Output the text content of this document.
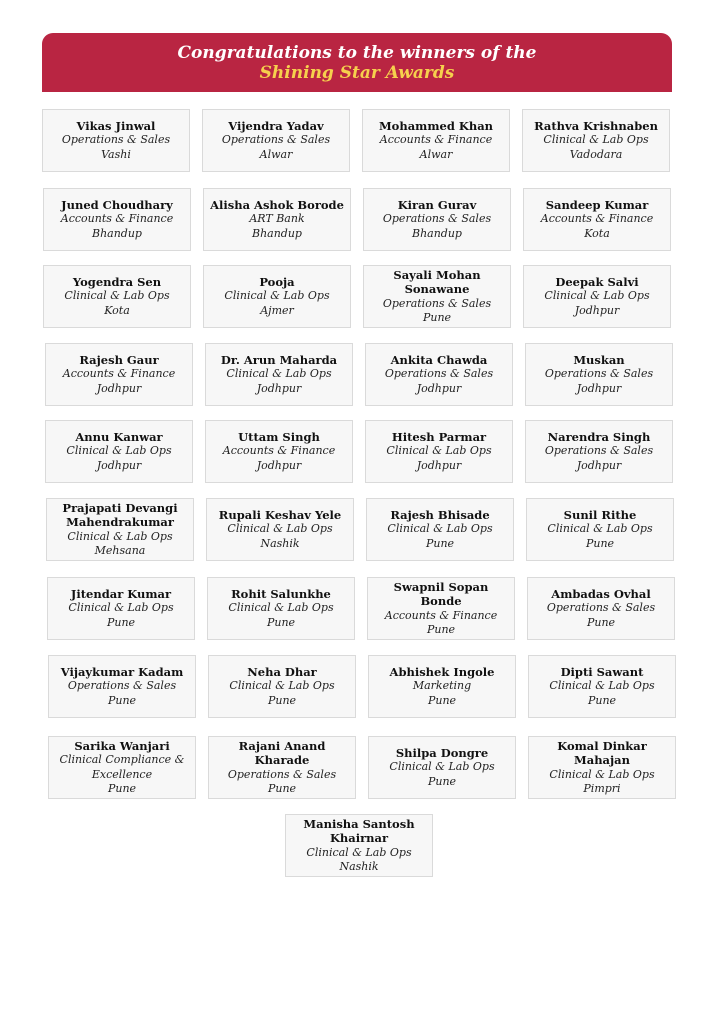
Congratulations to the winners of the
Shining Star Awards
Vikas Jinwal
Operations & Sales
Vashi
Vijendra Yadav
Operations & Sales
Alwar
Mohammed Khan
Accounts & Finance
Alwar
Rathva Krishnaben
Clinical & Lab Ops
Vadodara
Juned Choudhary
Accounts & Finance
Bhandup
Alisha Ashok Borode
ART Bank
Bhandup
Kiran Gurav
Operations & Sales
Bhandup
Sandeep Kumar
Accounts & Finance
Kota
Yogendra Sen
Clinical & Lab Ops
Kota
Pooja
Clinical & Lab Ops
Ajmer
Sayali Mohan Sonawane
Operations & Sales
Pune
Deepak Salvi
Clinical & Lab Ops
Jodhpur
Rajesh Gaur
Accounts & Finance
Jodhpur
Dr. Arun Maharda
Clinical & Lab Ops
Jodhpur
Ankita Chawda
Operations & Sales
Jodhpur
Muskan
Operations & Sales
Jodhpur
Annu Kanwar
Clinical & Lab Ops
Jodhpur
Uttam Singh
Accounts & Finance
Jodhpur
Hitesh Parmar
Clinical & Lab Ops
Jodhpur
Narendra Singh
Operations & Sales
Jodhpur
Prajapati Devangi Mahendrakumar
Clinical & Lab Ops
Mehsana
Rupali Keshav Yele
Clinical & Lab Ops
Nashik
Rajesh Bhisade
Clinical & Lab Ops
Pune
Sunil Rithe
Clinical & Lab Ops
Pune
Jitendar Kumar
Clinical & Lab Ops
Pune
Rohit Salunkhe
Clinical & Lab Ops
Pune
Swapnil Sopan Bonde
Accounts & Finance
Pune
Ambadas Ovhal
Operations & Sales
Pune
Vijaykumar Kadam
Operations & Sales
Pune
Neha Dhar
Clinical & Lab Ops
Pune
Abhishek Ingole
Marketing
Pune
Dipti Sawant
Clinical & Lab Ops
Pune
Sarika Wanjari
Clinical Compliance & Excellence
Pune
Rajani Anand Kharade
Operations & Sales
Pune
Shilpa Dongre
Clinical & Lab Ops
Pune
Komal Dinkar Mahajan
Clinical & Lab Ops
Pimpri
Manisha Santosh Khairnar
Clinical & Lab Ops
Nashik
